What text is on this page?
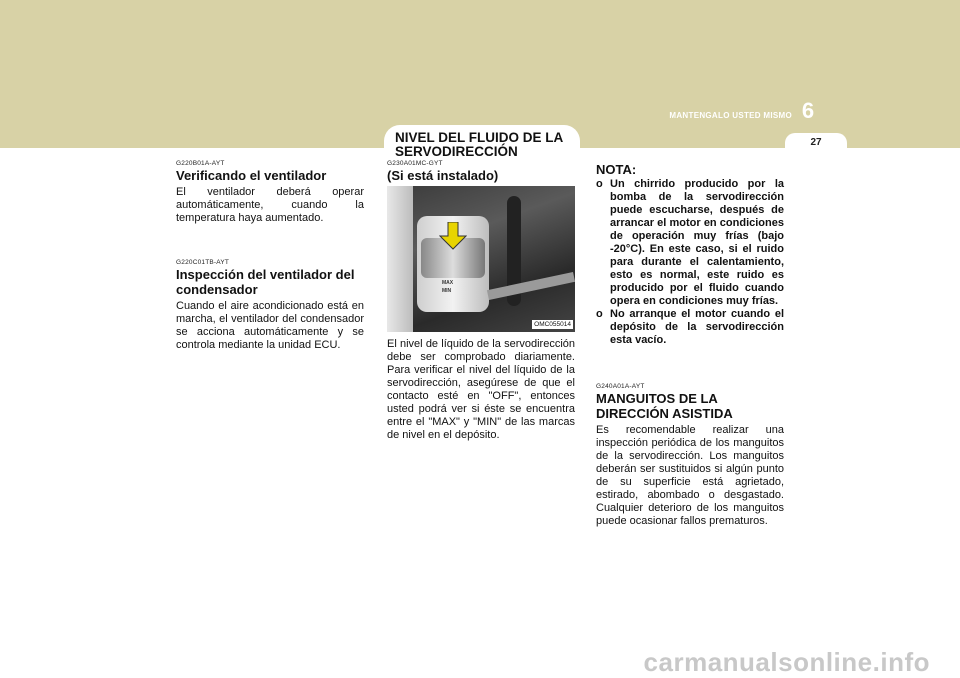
MANTENGALO USTED MISMO 6
27
NIVEL DEL FLUIDO DE LA SERVODIRECCIÓN
G220B01A-AYT
Verificando el ventilador
El ventilador deberá operar automáticamente, cuando la temperatura haya aumentado.
G220C01TB-AYT
Inspección del ventilador del condensador
Cuando el aire acondicionado está en marcha, el ventilador del condensador se acciona automáticamente y se controla mediante la unidad ECU.
G230A01MC-GYT
(Si está instalado)
MAX
MIN
OMC055014
El nivel de líquido de la servodirección debe ser comprobado diariamente. Para verificar el nivel del líquido de la servodirección, asegúrese de que el contacto esté en "OFF", entonces usted podrá ver si éste se encuentra entre el "MAX" y "MIN" de las marcas de nivel en el depósito.
NOTA:
o Un chirrido producido por la bomba de la servodirección puede escucharse, después de arrancar el motor en condiciones de operación muy frías (bajo -20°C). En este caso, si el ruido para durante el calentamiento, esto es normal, este ruido es producido por el fluido cuando opera en condiciones muy frías.
o No arranque el motor cuando el depósito de la servodirección esta vacío.
G240A01A-AYT
MANGUITOS DE LA DIRECCIÓN ASISTIDA
Es recomendable realizar una inspección periódica de los manguitos de la servodirección. Los manguitos deberán ser sustituidos si algún punto de su superficie está agrietado, estirado, abombado o desgastado. Cualquier deterioro de los manguitos puede ocasionar fallos prematuros.
carmanualsonline.info
